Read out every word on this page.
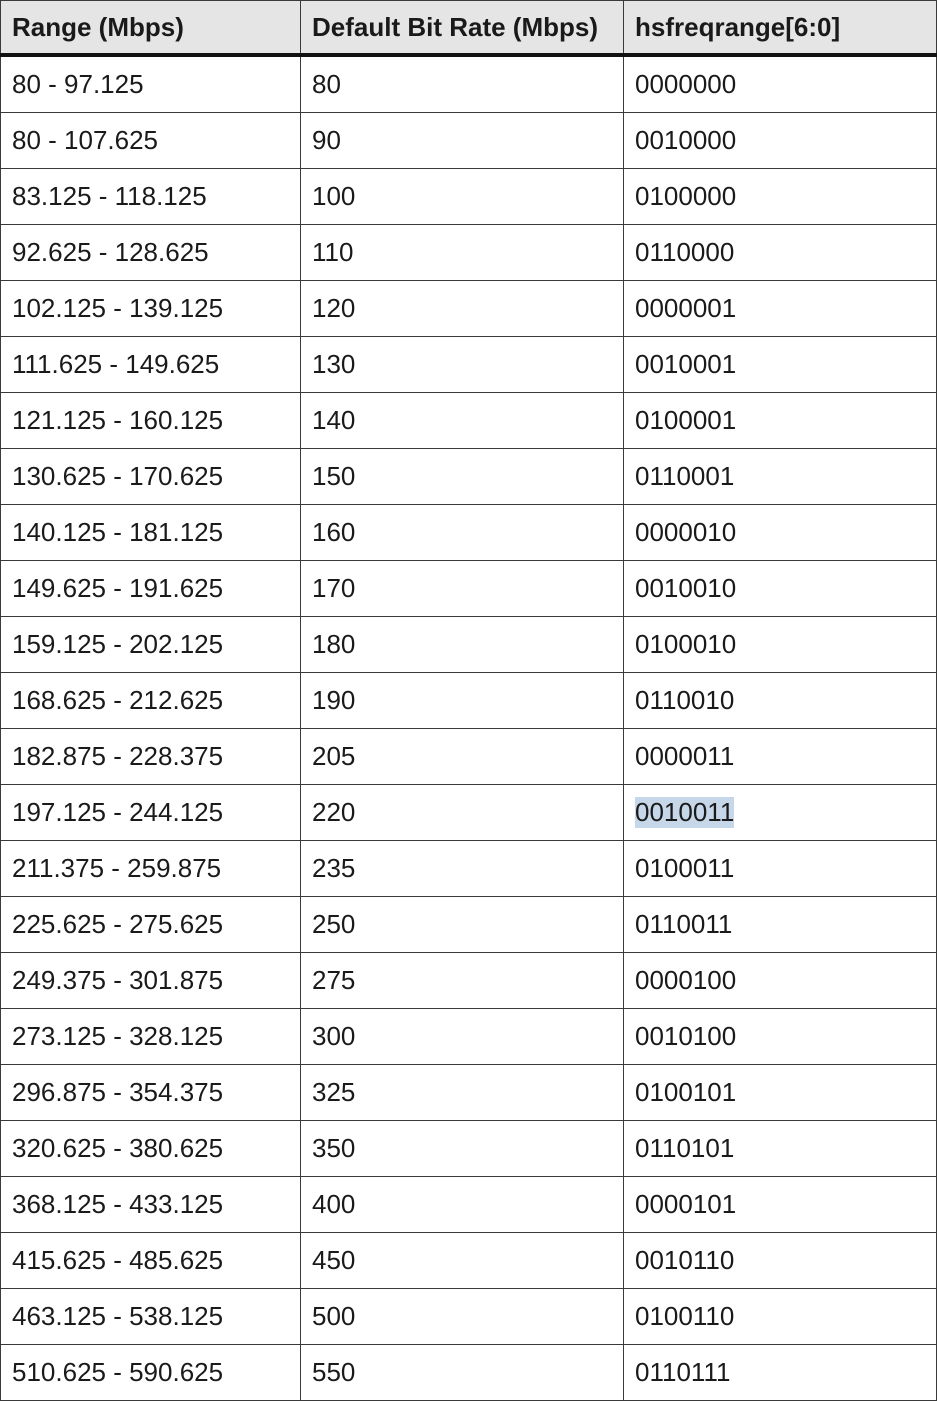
Range (Mbps)	Default Bit Rate (Mbps)	hsfreqrange[6:0]
80 - 97.125	80	0000000
80 - 107.625	90	0010000
83.125 - 118.125	100	0100000
92.625 - 128.625	110	0110000
102.125 - 139.125	120	0000001
111.625 - 149.625	130	0010001
121.125 - 160.125	140	0100001
130.625 - 170.625	150	0110001
140.125 - 181.125	160	0000010
149.625 - 191.625	170	0010010
159.125 - 202.125	180	0100010
168.625 - 212.625	190	0110010
182.875 - 228.375	205	0000011
197.125 - 244.125	220	0010011
211.375 - 259.875	235	0100011
225.625 - 275.625	250	0110011
249.375 - 301.875	275	0000100
273.125 - 328.125	300	0010100
296.875 - 354.375	325	0100101
320.625 - 380.625	350	0110101
368.125 - 433.125	400	0000101
415.625 - 485.625	450	0010110
463.125 - 538.125	500	0100110
510.625 - 590.625	550	0110111
